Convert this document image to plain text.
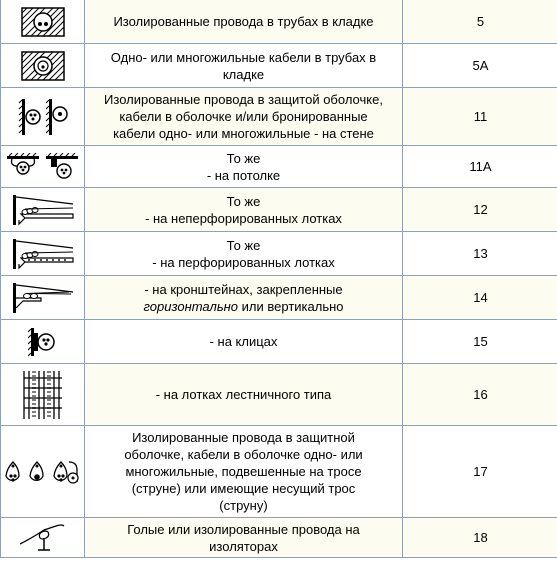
Изолированные провода в трубах в кладке	5

Одно- или многожильные кабели в трубах в
кладке	5A

Изолированные провода в защитой оболочке,
кабели в оболочке и/или бронированные
кабели одно- или многожильные - на стене	11

То же
- на потолке	11A

То же
- на неперфорированных лотках	12

То же
- на перфорированных лотках	13

- на кронштейнах, закрепленные
горизонтально или вертикально	14

- на клицах	15

- на лотках лестничного типа	16

Изолированные провода в защитной
оболочке, кабели в оболочке одно- или
многожильные, подвешенные на тросе
(струне) или имеющие несущий трос
(струну)	17

Голые или изолированные провода на
изоляторах	18
